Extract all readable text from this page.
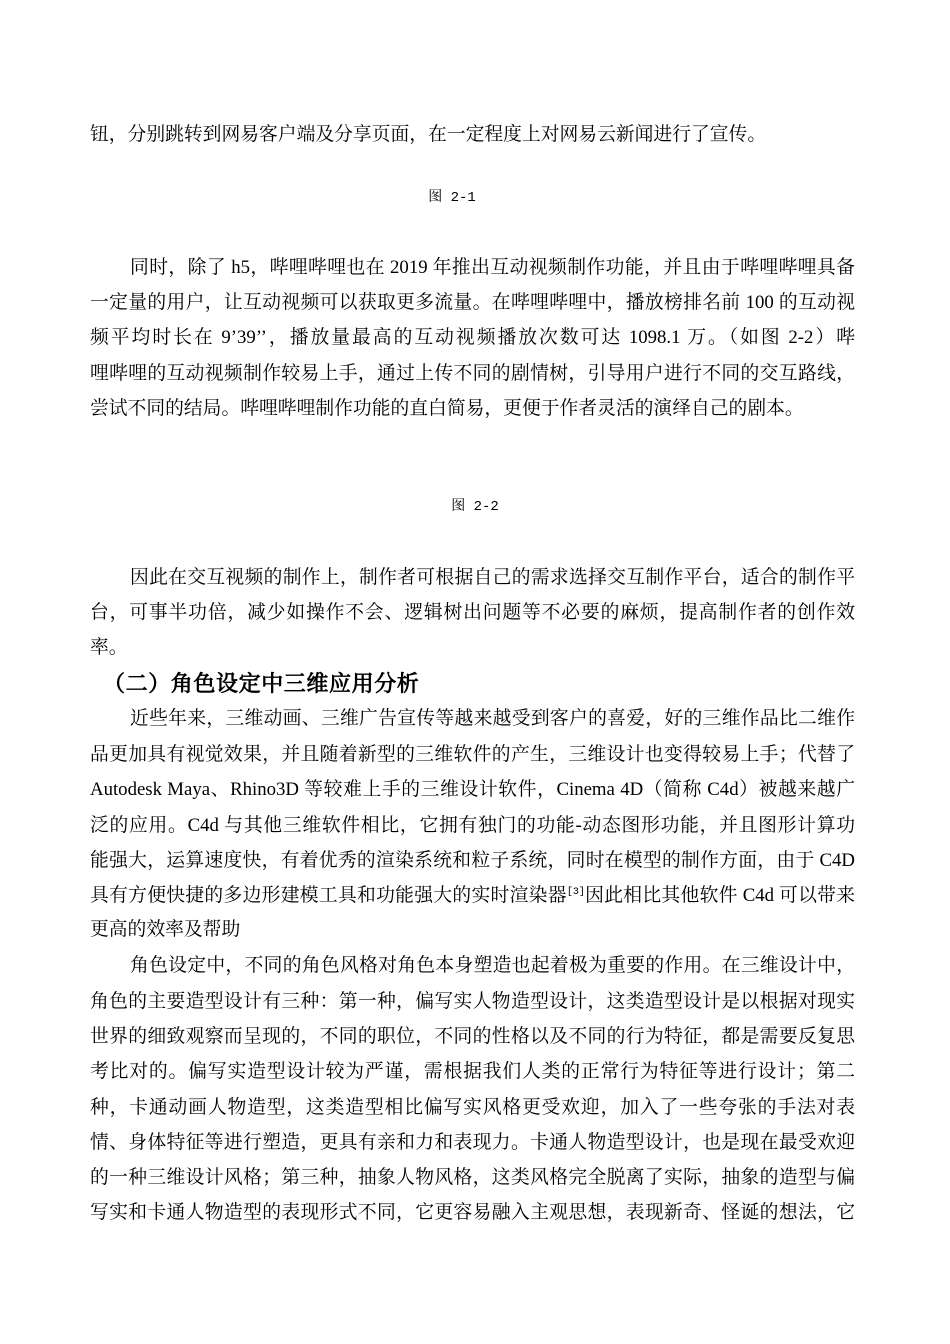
钮，分别跳转到网易客户端及分享页面，在一定程度上对网易云新闻进行了宣传。
图 2-1
同时，除了 h5，哔哩哔哩也在 2019 年推出互动视频制作功能，并且由于哔哩哔哩具备
一定量的用户，让互动视频可以获取更多流量。在哔哩哔哩中，播放榜排名前 100 的互动视
频平均时长在 9’39’’，播放量最高的互动视频播放次数可达 1098.1 万。（如图 2-2）哔
哩哔哩的互动视频制作较易上手，通过上传不同的剧情树，引导用户进行不同的交互路线，
尝试不同的结局。哔哩哔哩制作功能的直白简易，更便于作者灵活的演绎自己的剧本。
图 2-2
因此在交互视频的制作上，制作者可根据自己的需求选择交互制作平台，适合的制作平
台，可事半功倍，减少如操作不会、逻辑树出问题等不必要的麻烦，提高制作者的创作效
率。
（二）角色设定中三维应用分析
近些年来，三维动画、三维广告宣传等越来越受到客户的喜爱，好的三维作品比二维作
品更加具有视觉效果，并且随着新型的三维软件的产生，三维设计也变得较易上手；代替了
Autodesk Maya、Rhino3D 等较难上手的三维设计软件，Cinema 4D（简称 C4d）被越来越广
泛的应用。C4d 与其他三维软件相比，它拥有独门的功能-动态图形功能，并且图形计算功
能强大，运算速度快，有着优秀的渲染系统和粒子系统，同时在模型的制作方面，由于 C4D
具有方便快捷的多边形建模工具和功能强大的实时渲染器[3]因此相比其他软件 C4d 可以带来
更高的效率及帮助
角色设定中，不同的角色风格对角色本身塑造也起着极为重要的作用。在三维设计中，
角色的主要造型设计有三种：第一种，偏写实人物造型设计，这类造型设计是以根据对现实
世界的细致观察而呈现的，不同的职位，不同的性格以及不同的行为特征，都是需要反复思
考比对的。偏写实造型设计较为严谨，需根据我们人类的正常行为特征等进行设计；第二
种，卡通动画人物造型，这类造型相比偏写实风格更受欢迎，加入了一些夸张的手法对表
情、身体特征等进行塑造，更具有亲和力和表现力。卡通人物造型设计，也是现在最受欢迎
的一种三维设计风格；第三种，抽象人物风格，这类风格完全脱离了实际，抽象的造型与偏
写实和卡通人物造型的表现形式不同，它更容易融入主观思想，表现新奇、怪诞的想法，它
